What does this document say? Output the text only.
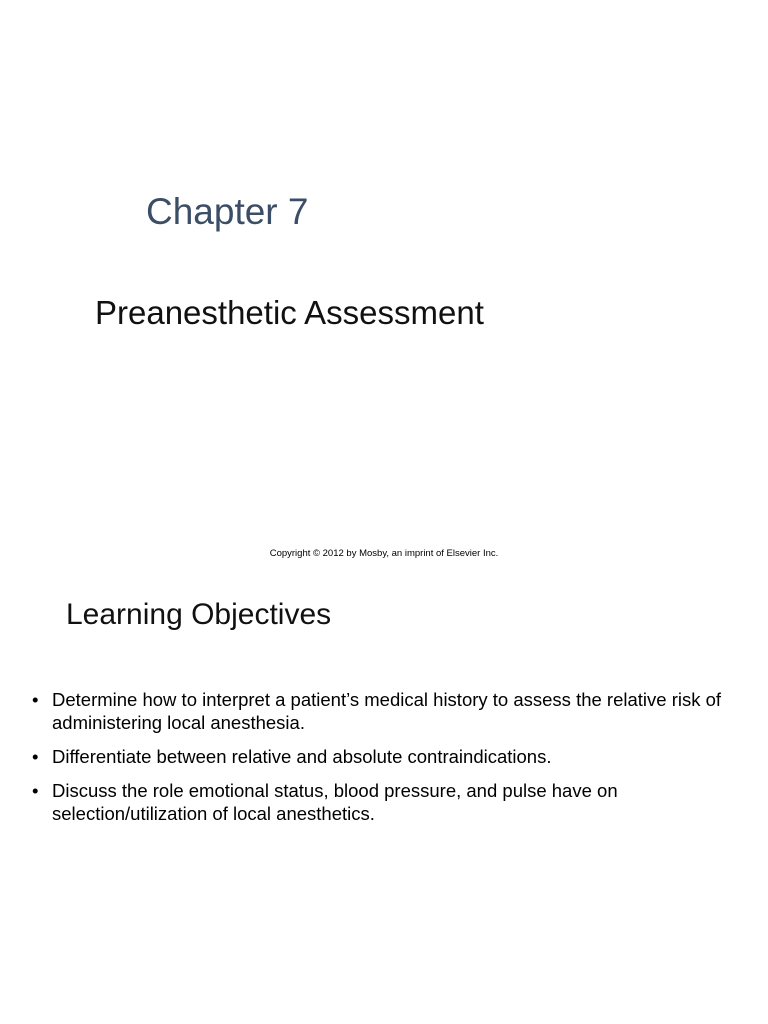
Chapter 7
Preanesthetic Assessment
Copyright © 2012 by Mosby, an imprint of Elsevier Inc.
Learning Objectives
• Determine how to interpret a patient’s medical history to assess the relative risk of administering local anesthesia.
• Differentiate between relative and absolute contraindications.
• Discuss the role emotional status, blood pressure, and pulse have on selection/utilization of local anesthetics.
